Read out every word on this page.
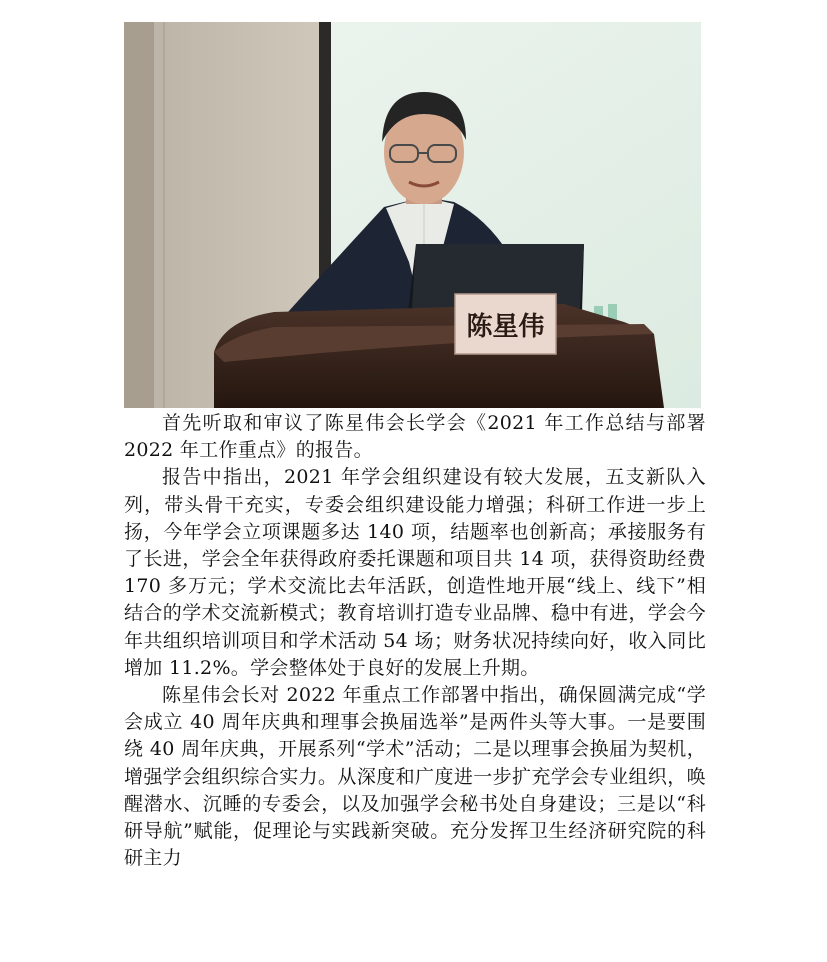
陈星伟

首先听取和审议了陈星伟会长学会《2021 年工作总结与部署 2022 年工作重点》的报告。

报告中指出，2021 年学会组织建设有较大发展，五支新队入列，带头骨干充实，专委会组织建设能力增强；科研工作进一步上扬，今年学会立项课题多达 140 项，结题率也创新高；承接服务有了长进，学会全年获得政府委托课题和项目共 14 项，获得资助经费 170 多万元；学术交流比去年活跃，创造性地开展“线上、线下”相结合的学术交流新模式；教育培训打造专业品牌、稳中有进，学会今年共组织培训项目和学术活动 54 场；财务状况持续向好，收入同比增加 11.2%。学会整体处于良好的发展上升期。

陈星伟会长对 2022 年重点工作部署中指出，确保圆满完成“学会成立 40 周年庆典和理事会换届选举”是两件头等大事。一是要围绕 40 周年庆典，开展系列“学术”活动；二是以理事会换届为契机，增强学会组织综合实力。从深度和广度进一步扩充学会专业组织，唤醒潜水、沉睡的专委会，以及加强学会秘书处自身建设；三是以“科研导航”赋能，促理论与实践新突破。充分发挥卫生经济研究院的科研主力
